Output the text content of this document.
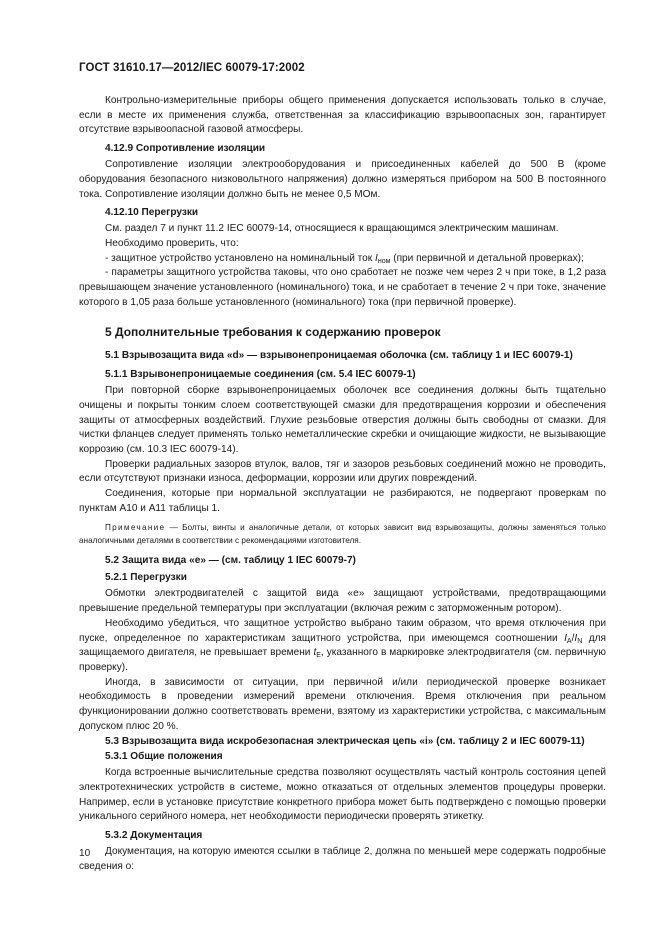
ГОСТ 31610.17—2012/IEC 60079-17:2002

Контрольно-измерительные приборы общего применения допускается использовать только в случае, если в месте их применения служба, ответственная за классификацию взрывоопасных зон, гарантирует отсутствие взрывоопасной газовой атмосферы.

4.12.9 Сопротивление изоляции

Сопротивление изоляции электрооборудования и присоединенных кабелей до 500 В (кроме оборудования безопасного низковольтного напряжения) должно измеряться прибором на 500 В постоянного тока. Сопротивление изоляции должно быть не менее 0,5 МОм.

4.12.10 Перегрузки

См. раздел 7 и пункт 11.2 IEC 60079-14, относящиеся к вращающимся электрическим машинам.

Необходимо проверить, что:

- защитное устройство установлено на номинальный ток $I_{ном}$ (при первичной и детальной проверках);

- параметры защитного устройства таковы, что оно сработает не позже чем через 2 ч при токе, в 1,2 раза превышающем значение установленного (номинального) тока, и не сработает в течение 2 ч при токе, значение которого в 1,05 раза больше установленного (номинального) тока (при первичной проверке).

5 Дополнительные требования к содержанию проверок

5.1 Взрывозащита вида «d» — взрывонепроницаемая оболочка (см. таблицу 1 и IEC 60079-1)

5.1.1 Взрывонепроницаемые соединения (см. 5.4 IEC 60079-1)

При повторной сборке взрывонепроницаемых оболочек все соединения должны быть тщательно очищены и покрыты тонким слоем соответствующей смазки для предотвращения коррозии и обеспечения защиты от атмосферных воздействий. Глухие резьбовые отверстия должны быть свободны от смазки. Для чистки фланцев следует применять только неметаллические скребки и очищающие жидкости, не вызывающие коррозию (см. 10.3 IEC 60079-14).

Проверки радиальных зазоров втулок, валов, тяг и зазоров резьбовых соединений можно не проводить, если отсутствуют признаки износа, деформации, коррозии или других повреждений.

Соединения, которые при нормальной эксплуатации не разбираются, не подвергают проверкам по пунктам А10 и А11 таблицы 1.

Примечание — Болты, винты и аналогичные детали, от которых зависит вид взрывозащиты, должны заменяться только аналогичными деталями в соответствии с рекомендациями изготовителя.

5.2 Защита вида «е» — (см. таблицу 1 IEC 60079-7)
5.2.1 Перегрузки

Обмотки электродвигателей с защитой вида «е» защищают устройствами, предотвращающими превышение предельной температуры при эксплуатации (включая режим с заторможенным ротором).

Необходимо убедиться, что защитное устройство выбрано таким образом, что время отключения при пуске, определенное по характеристикам защитного устройства, при имеющемся соотношении $I_A/I_N$ для защищаемого двигателя, не превышает времени $t_E$, указанного в маркировке электродвигателя (см. первичную проверку).

Иногда, в зависимости от ситуации, при первичной и/или периодической проверке возникает необходимость в проведении измерений времени отключения. Время отключения при реальном функционировании должно соответствовать времени, взятому из характеристики устройства, с максимальным допуском плюс 20 %.

5.3 Взрывозащита вида искробезопасная электрическая цепь «i» (см. таблицу 2 и IEC 60079-11)

5.3.1 Общие положения

Когда встроенные вычислительные средства позволяют осуществлять частый контроль состояния цепей электротехнических устройств в системе, можно отказаться от отдельных элементов процедуры проверки. Например, если в установке присутствие конкретного прибора может быть подтверждено с помощью проверки уникального серийного номера, нет необходимости периодически проверять этикетку.

5.3.2 Документация

Документация, на которую имеются ссылки в таблице 2, должна по меньшей мере содержать подробные сведения о:

10
